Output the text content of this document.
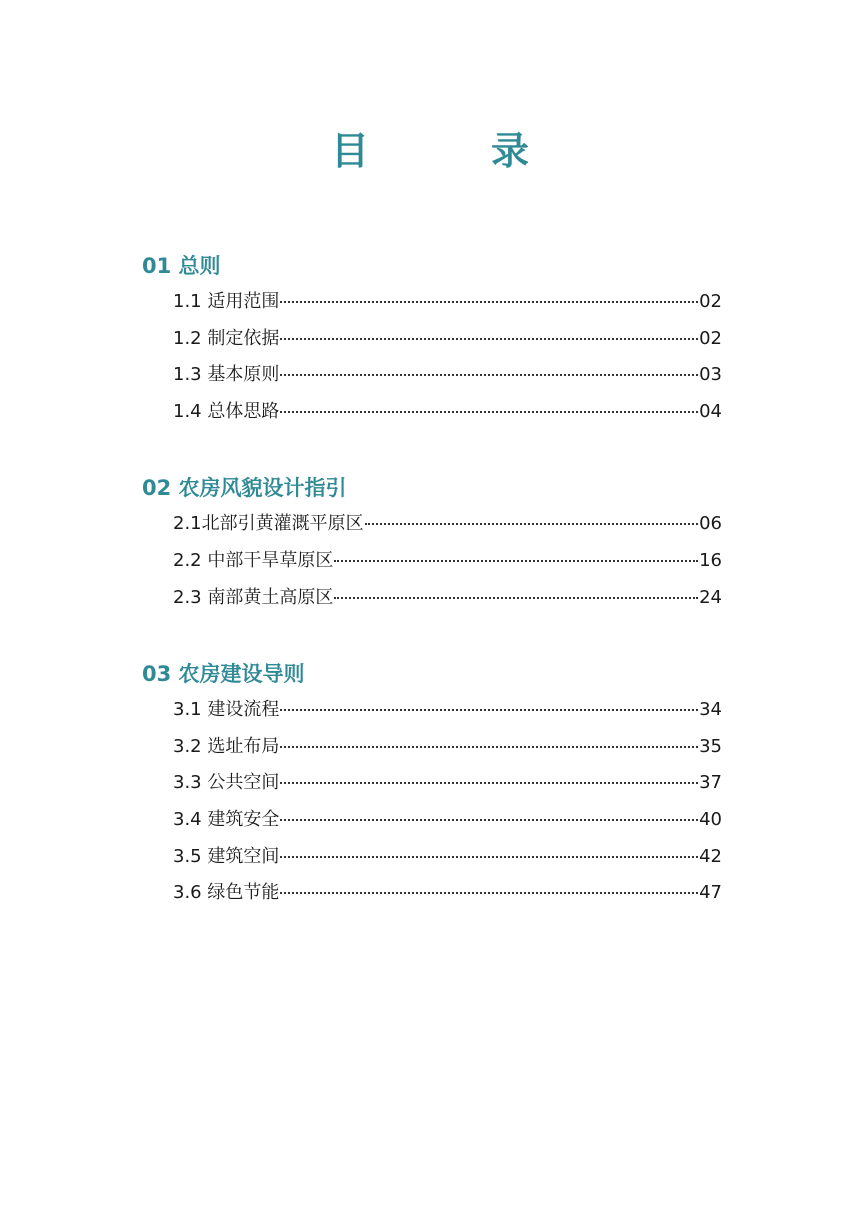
目　录
01 总则
1.1 适用范围	02
1.2 制定依据	02
1.3 基本原则	03
1.4 总体思路	04
02 农房风貌设计指引
2.1北部引黄灌溉平原区	06
2.2 中部干旱草原区	16
2.3 南部黄土高原区	24
03 农房建设导则
3.1 建设流程	34
3.2 选址布局	35
3.3 公共空间	37
3.4 建筑安全	40
3.5 建筑空间	42
3.6 绿色节能	47
